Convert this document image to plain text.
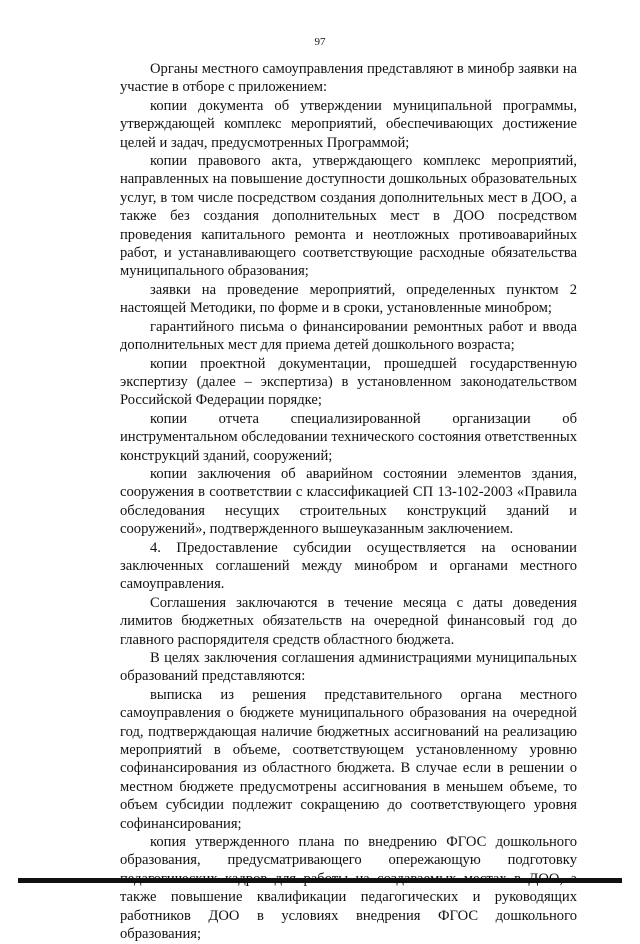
97

Органы местного самоуправления представляют в минобр заявки на участие в отборе с приложением:

копии документа об утверждении муниципальной программы, утверждающей комплекс мероприятий, обеспечивающих достижение целей и задач, предусмотренных Программой;

копии правового акта, утверждающего комплекс мероприятий, направленных на повышение доступности дошкольных образовательных услуг, в том числе посредством создания дополнительных мест в ДОО, а также без создания дополнительных мест в ДОО посредством проведения капитального ремонта и неотложных противоаварийных работ, и устанавливающего соответствующие расходные обязательства муниципального образования;

заявки на проведение мероприятий, определенных пунктом 2 настоящей Методики, по форме и в сроки, установленные минобром;

гарантийного письма о финансировании ремонтных работ и ввода дополнительных мест для приема детей дошкольного возраста;

копии проектной документации, прошедшей государственную экспертизу (далее – экспертиза) в установленном законодательством Российской Федерации порядке;

копии отчета специализированной организации об инструментальном обследовании технического состояния ответственных конструкций зданий, сооружений;

копии заключения об аварийном состоянии элементов здания, сооружения в соответствии с классификацией СП 13-102-2003 «Правила обследования несущих строительных конструкций зданий и сооружений», подтвержденного вышеуказанным заключением.

4. Предоставление субсидии осуществляется на основании заключенных соглашений между минобром и органами местного самоуправления.

Соглашения заключаются в течение месяца с даты доведения лимитов бюджетных обязательств на очередной финансовый год до главного распорядителя средств областного бюджета.

В целях заключения соглашения администрациями муниципальных образований представляются:

выписка из решения представительного органа местного самоуправления о бюджете муниципального образования на очередной год, подтверждающая наличие бюджетных ассигнований на реализацию мероприятий в объеме, соответствующем установленному уровню софинансирования из областного бюджета. В случае если в решении о местном бюджете предусмотрены ассигнования в меньшем объеме, то объем субсидии подлежит сокращению до соответствующего уровня софинансирования;

копия утвержденного плана по внедрению ФГОС дошкольного образования, предусматривающего опережающую подготовку также повышение квалификации педагогических и руководящих работников ДОО в условиях внедрения ФГОС дошкольного образования;
